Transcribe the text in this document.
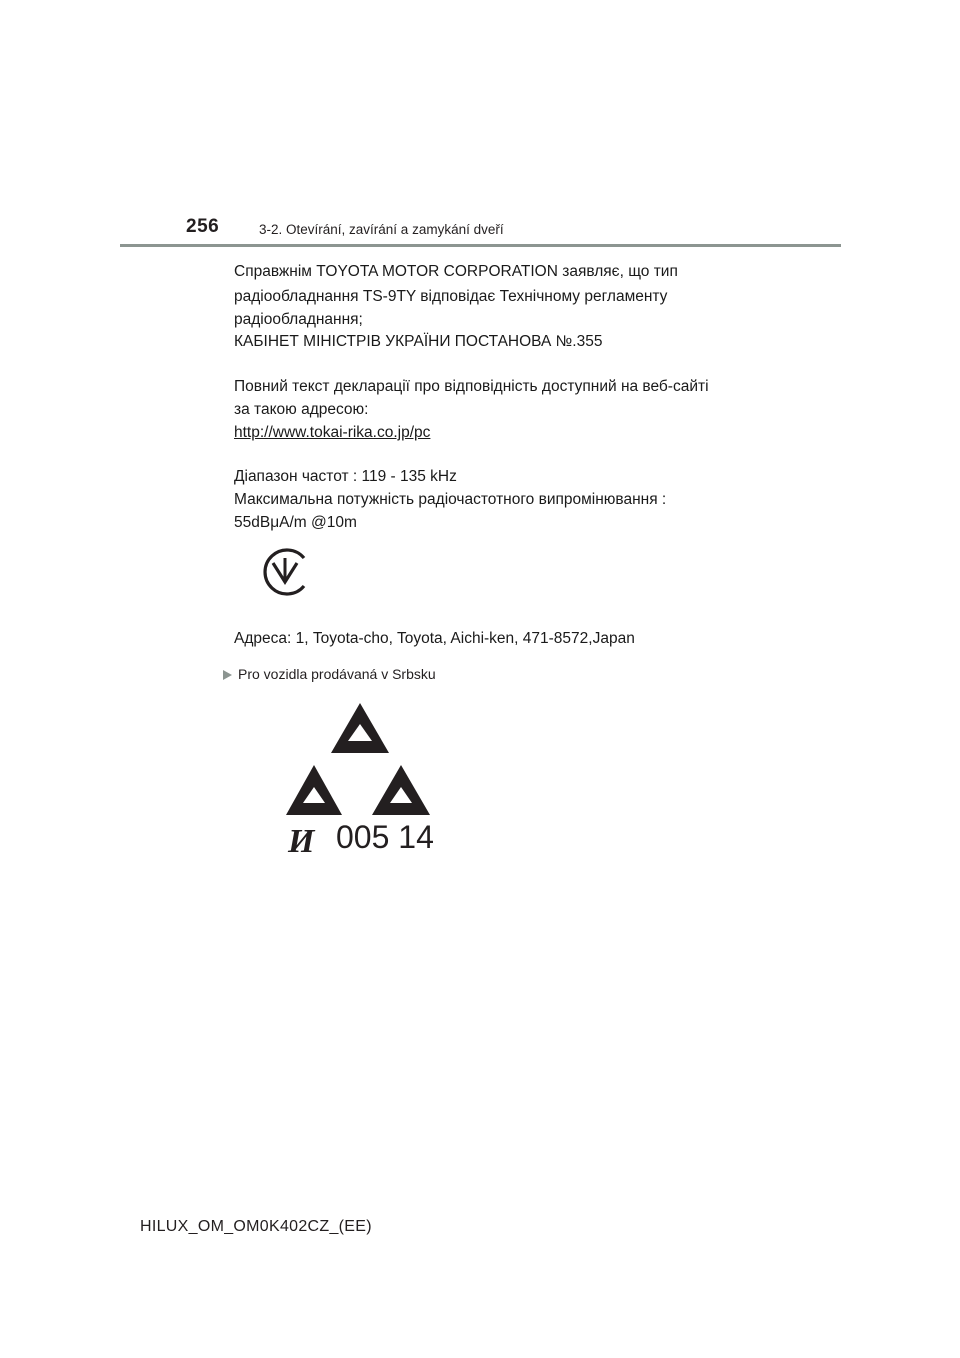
256	3-2. Otevírání, zavírání a zamykání dveří
Справжнім TOYOTA MOTOR CORPORATION заявляє, що тип
радіообладнання TS-9TY відповідає Технічному регламенту
радіообладнання;
КАБІНЕТ МІНІСТРІВ УКРАЇНИ ПОСТАНОВА №.355
Повний текст декларації про відповідність доступний на веб-сайті
за такою адресою:
http://www.tokai-rika.co.jp/pc
Діапазон частот : 119 - 135 kHz
Максимальна потужність радіочастотного випромінювання :
55dBμA/m @10m
Адреса: 1, Toyota-cho, Toyota, Aichi-ken, 471-8572,Japan
Pro vozidla prodávaná v Srbsku
И 005 14
HILUX_OM_OM0K402CZ_(EE)
